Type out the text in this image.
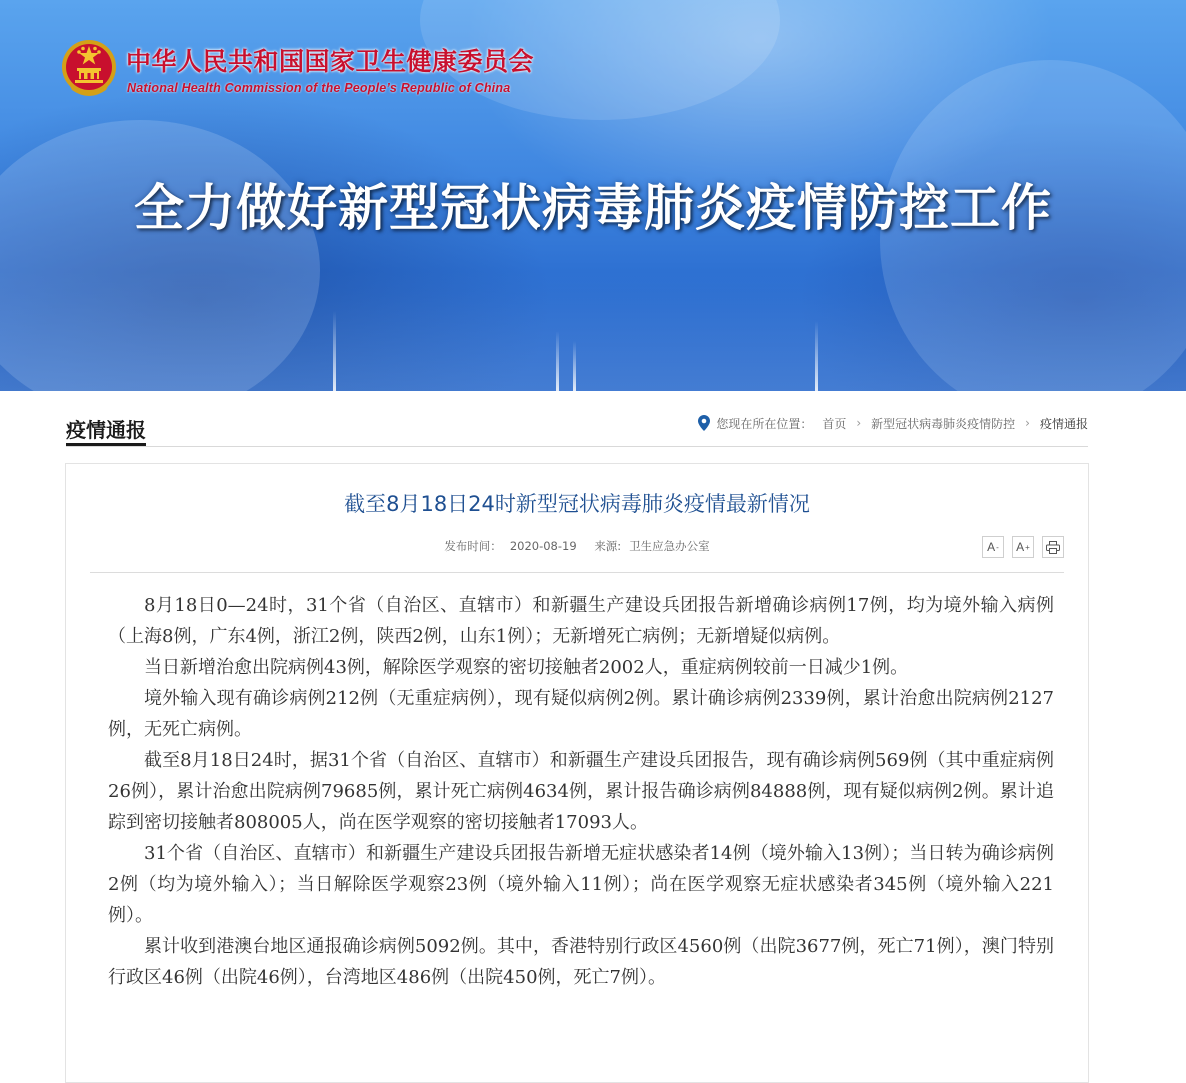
中华人民共和国国家卫生健康委员会
National Health Commission of the People’s Republic of China
全力做好新型冠状病毒肺炎疫情防控工作
疫情通报	您现在所在位置： 首页 › 新型冠状病毒肺炎疫情防控 › 疫情通报
截至8月18日24时新型冠状病毒肺炎疫情最新情况
发布时间： 2020-08-19 来源: 卫生应急办公室	A - A +

8月18日0—24时，31个省（自治区、直辖市）和新疆生产建设兵团报告新增确诊病例17例，均为境外输入病例（上海8例，广东4例，浙江2例，陕西2例，山东1例）；无新增死亡病例；无新增疑似病例。

当日新增治愈出院病例43例，解除医学观察的密切接触者2002人，重症病例较前一日减少1例。

境外输入现有确诊病例212例（无重症病例），现有疑似病例2例。累计确诊病例2339例，累计治愈出院病例2127例，无死亡病例。

截至8月18日24时，据31个省（自治区、直辖市）和新疆生产建设兵团报告，现有确诊病例569例（其中重症病例26例），累计治愈出院病例79685例，累计死亡病例4634例，累计报告确诊病例84888例，现有疑似病例2例。累计追踪到密切接触者808005人，尚在医学观察的密切接触者17093人。

31个省（自治区、直辖市）和新疆生产建设兵团报告新增无症状感染者14例（境外输入13例）；当日转为确诊病例2例（均为境外输入）；当日解除医学观察23例（境外输入11例）；尚在医学观察无症状感染者345例（境外输入221例）。

累计收到港澳台地区通报确诊病例5092例。其中，香港特别行政区4560例（出院3677例，死亡71例），澳门特别行政区46例（出院46例），台湾地区486例（出院450例，死亡7例）。
